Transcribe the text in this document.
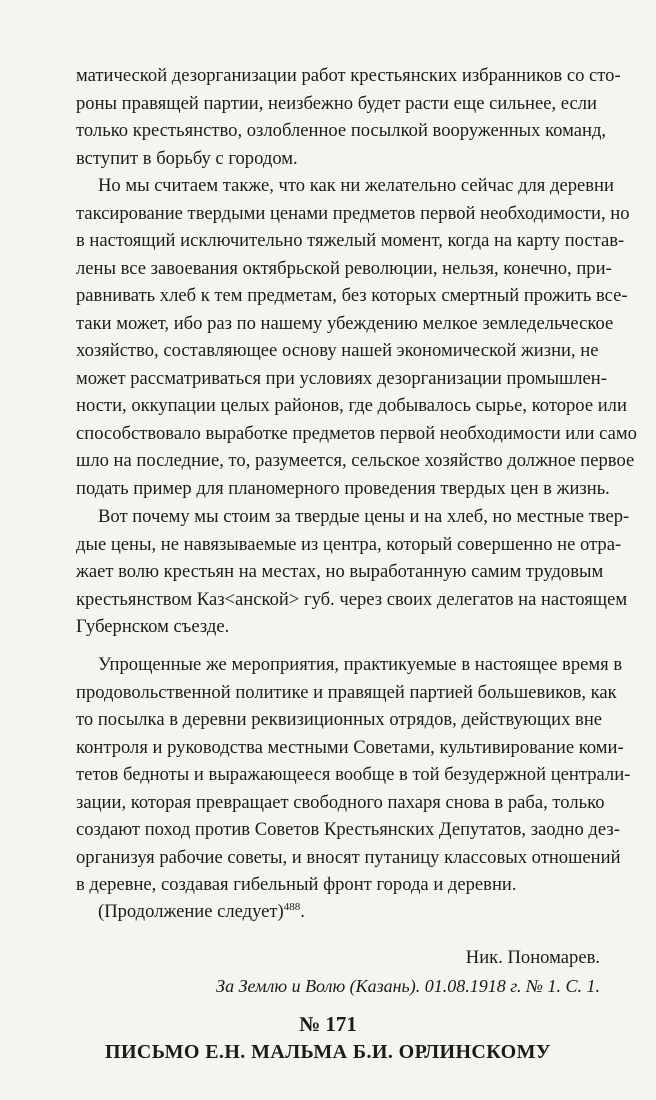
матической дезорганизации работ крестьянских избранников со сто-
роны правящей партии, неизбежно будет расти еще сильнее, если
только крестьянство, озлобленное посылкой вооруженных команд,
вступит в борьбу с городом.

Но мы считаем также, что как ни желательно сейчас для деревни
таксирование твердыми ценами предметов первой необходимости, но
в настоящий исключительно тяжелый момент, когда на карту постав-
лены все завоевания октябрьской революции, нельзя, конечно, при-
равнивать хлеб к тем предметам, без которых смертный прожить все-
таки может, ибо раз по нашему убеждению мелкое земледельческое
хозяйство, составляющее основу нашей экономической жизни, не
может рассматриваться при условиях дезорганизации промышлен-
ности, оккупации целых районов, где добывалось сырье, которое или
способствовало выработке предметов первой необходимости или само
шло на последние, то, разумеется, сельское хозяйство должное первое
подать пример для планомерного проведения твердых цен в жизнь.

Вот почему мы стоим за твердые цены и на хлеб, но местные твер-
дые цены, не навязываемые из центра, который совершенно не отра-
жает волю крестьян на местах, но выработанную самим трудовым
крестьянством Каз<анской> губ. через своих делегатов на настоящем
Губернском съезде.

Упрощенные же мероприятия, практикуемые в настоящее время в
продовольственной политике и правящей партией большевиков, как
то посылка в деревни реквизиционных отрядов, действующих вне
контроля и руководства местными Советами, культивирование коми-
тетов бедноты и выражающееся вообще в той безудержной централи-
зации, которая превращает свободного пахаря снова в раба, только
создают поход против Советов Крестьянских Депутатов, заодно дез-
организуя рабочие советы, и вносят путаницу классовых отношений
в деревне, создавая гибельный фронт города и деревни.

(Продолжение следует)$^{488}$.

Ник. Пономарев.
За Землю и Волю (Казань). 01.08.1918 г. № 1. С. 1.
№ 171
ПИСЬМО Е.Н. МАЛЬМА Б.И. ОРЛИНСКОМУ
